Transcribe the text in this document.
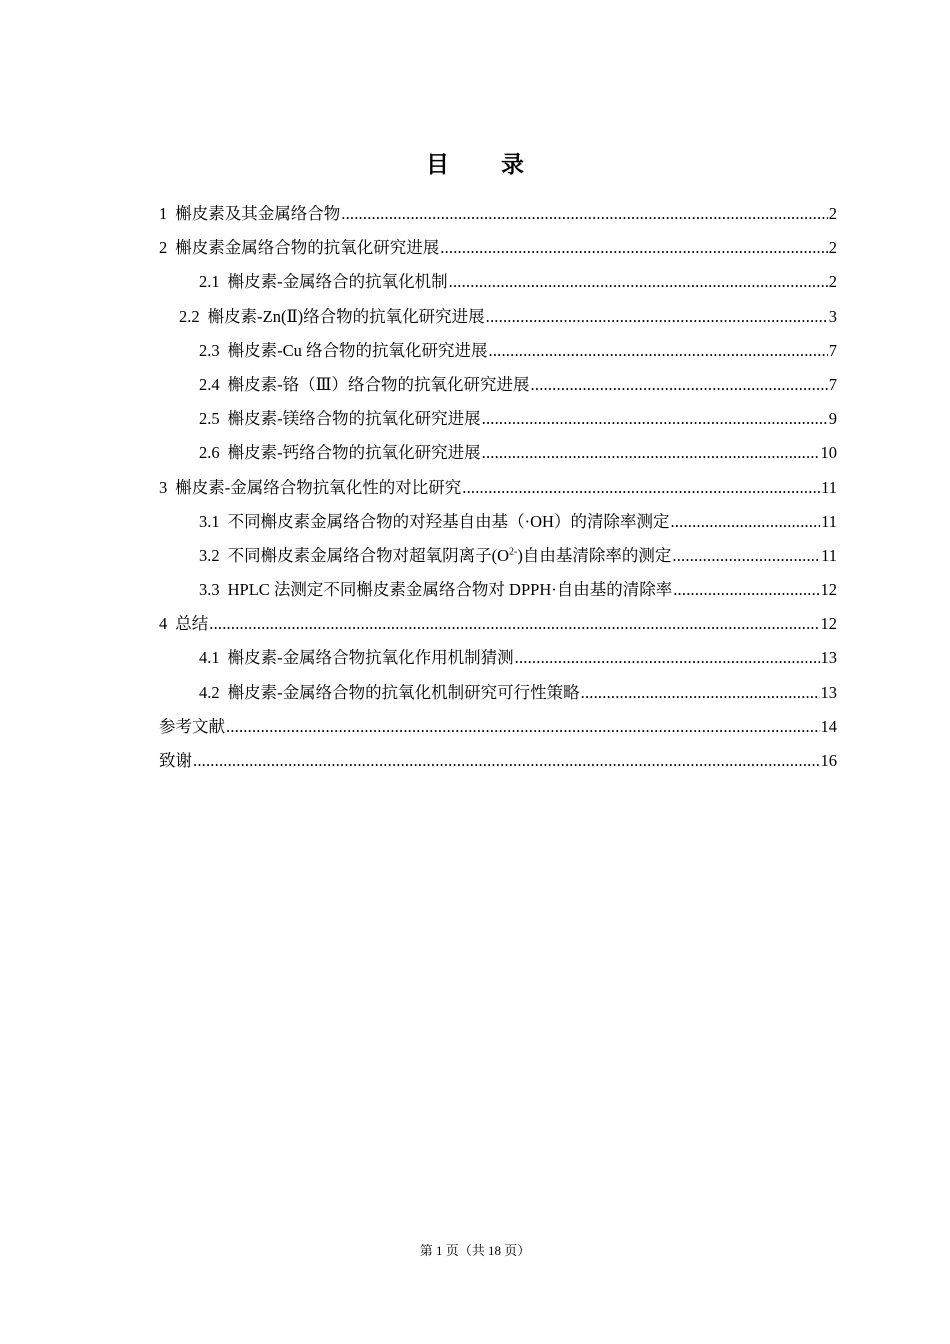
目 录
1 槲皮素及其金属络合物 .....	2
2 槲皮素金属络合物的抗氧化研究进展 .....	2
2.1 槲皮素-金属络合的抗氧化机制 .....	2
2.2 槲皮素-Zn(Ⅱ)络合物的抗氧化研究进展 .....	3
2.3 槲皮素-Cu 络合物的抗氧化研究进展 .....	7
2.4 槲皮素-铬（Ⅲ）络合物的抗氧化研究进展 .....	7
2.5 槲皮素-镁络合物的抗氧化研究进展 .....	9
2.6 槲皮素-钙络合物的抗氧化研究进展 .....	10
3 槲皮素-金属络合物抗氧化性的对比研究 .....	11
3.1 不同槲皮素金属络合物的对羟基自由基（·OH）的清除率测定 .....	11
3.2 不同槲皮素金属络合物对超氧阴离子$(O^{2-})$自由基清除率的测定 .....	11
3.3 HPLC 法测定不同槲皮素金属络合物对 DPPH·自由基的清除率 .....	12
4 总结 .....	12
4.1 槲皮素-金属络合物抗氧化作用机制猜测 .....	13
4.2 槲皮素-金属络合物的抗氧化机制研究可行性策略 .....	13
参考文献 .....	14
致谢 .....	16
第 1 页（共 18 页）
